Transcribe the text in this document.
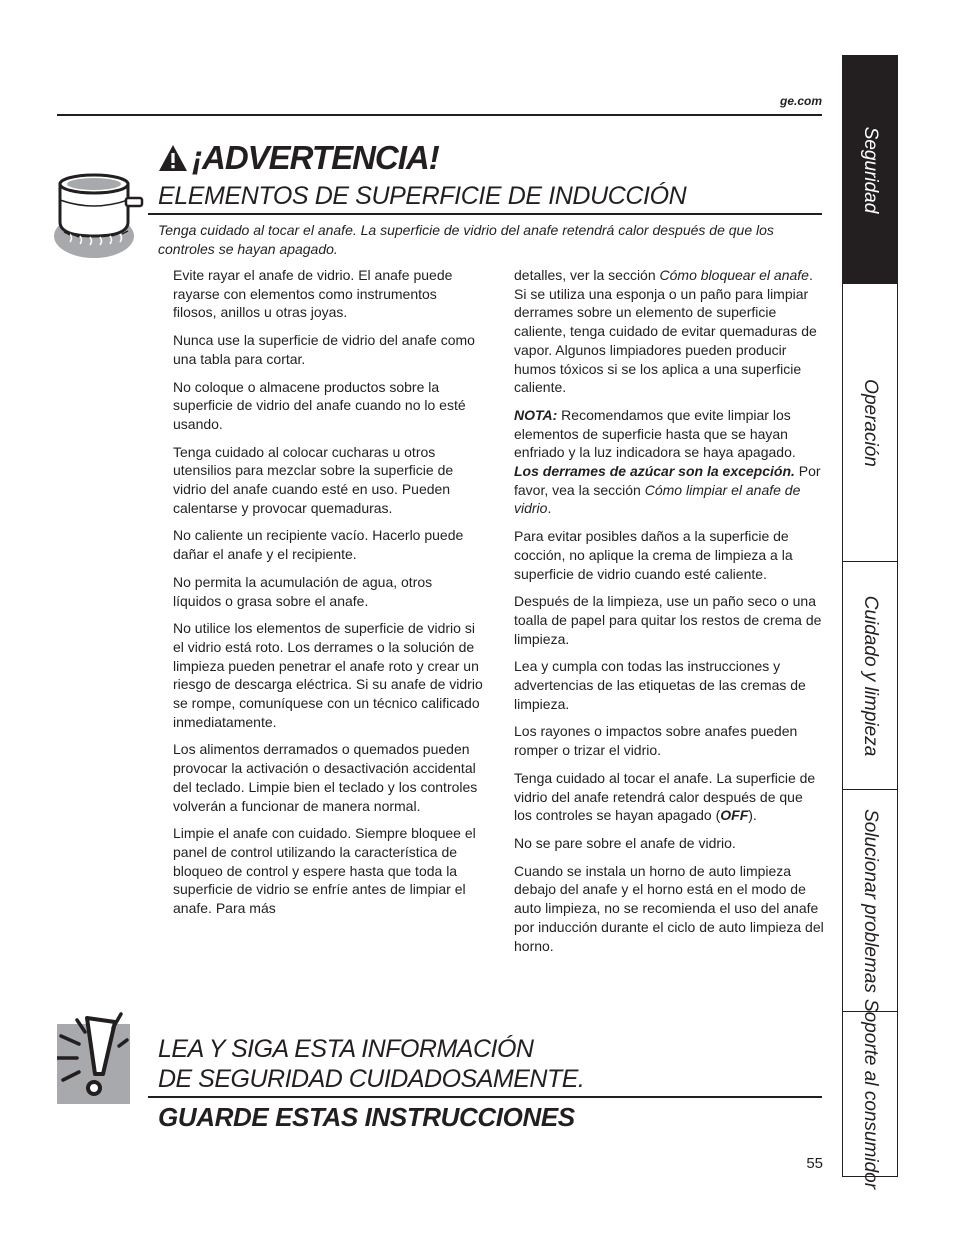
ge.com
¡ADVERTENCIA!
ELEMENTOS DE SUPERFICIE DE INDUCCIÓN
Tenga cuidado al tocar el anafe. La superficie de vidrio del anafe retendrá calor después de que los controles se hayan apagado.

Evite rayar el anafe de vidrio. El anafe puede rayarse con elementos como instrumentos filosos, anillos u otras joyas.

Nunca use la superficie de vidrio del anafe como una tabla para cortar.

No coloque o almacene productos sobre la superficie de vidrio del anafe cuando no lo esté usando.

Tenga cuidado al colocar cucharas u otros utensilios para mezclar sobre la superficie de vidrio del anafe cuando esté en uso. Pueden calentarse y provocar quemaduras.

No caliente un recipiente vacío. Hacerlo puede dañar el anafe y el recipiente.

No permita la acumulación de agua, otros líquidos o grasa sobre el anafe.

No utilice los elementos de superficie de vidrio si el vidrio está roto. Los derrames o la solución de limpieza pueden penetrar el anafe roto y crear un riesgo de descarga eléctrica. Si su anafe de vidrio se rompe, comuníquese con un técnico calificado inmediatamente.

Los alimentos derramados o quemados pueden provocar la activación o desactivación accidental del teclado. Limpie bien el teclado y los controles volverán a funcionar de manera normal.

Limpie el anafe con cuidado. Siempre bloquee el panel de control utilizando la característica de bloqueo de control y espere hasta que toda la superficie de vidrio se enfríe antes de limpiar el anafe. Para más

detalles, ver la sección Cómo bloquear el anafe. Si se utiliza una esponja o un paño para limpiar derrames sobre un elemento de superficie caliente, tenga cuidado de evitar quemaduras de vapor. Algunos limpiadores pueden producir humos tóxicos si se los aplica a una superficie caliente.

NOTA: Recomendamos que evite limpiar los elementos de superficie hasta que se hayan enfriado y la luz indicadora se haya apagado. Los derrames de azúcar son la excepción. Por favor, vea la sección Cómo limpiar el anafe de vidrio.

Para evitar posibles daños a la superficie de cocción, no aplique la crema de limpieza a la superficie de vidrio cuando esté caliente.

Después de la limpieza, use un paño seco o una toalla de papel para quitar los restos de crema de limpieza.

Lea y cumpla con todas las instrucciones y advertencias de las etiquetas de las cremas de limpieza.

Los rayones o impactos sobre anafes pueden romper o trizar el vidrio.

Tenga cuidado al tocar el anafe. La superficie de vidrio del anafe retendrá calor después de que los controles se hayan apagado (OFF).

No se pare sobre el anafe de vidrio.

Cuando se instala un horno de auto limpieza debajo del anafe y el horno está en el modo de auto limpieza, no se recomienda el uso del anafe por inducción durante el ciclo de auto limpieza del horno.

LEA Y SIGA ESTA INFORMACIÓN
DE SEGURIDAD CUIDADOSAMENTE.
GUARDE ESTAS INSTRUCCIONES
55
Seguridad
Operación
Cuidado y limpieza
Solucionar problemas
Soporte al consumidor
